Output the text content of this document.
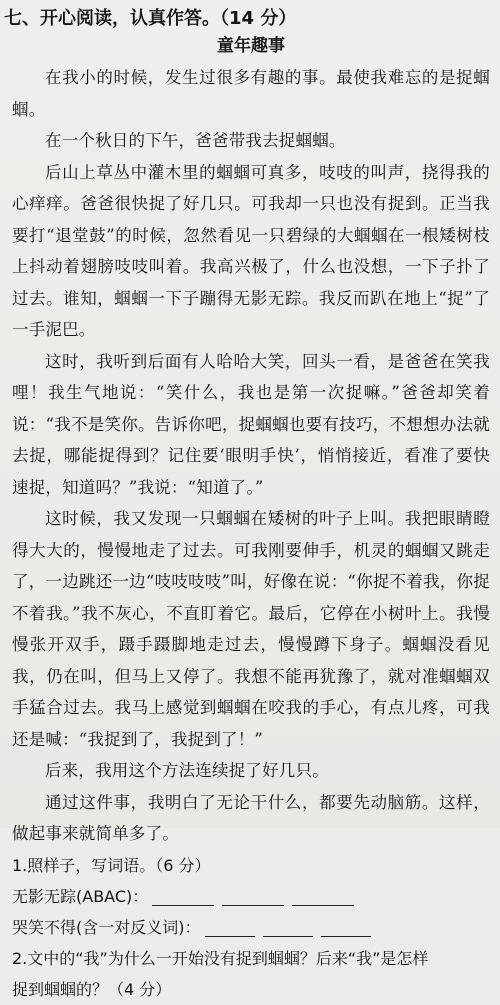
七、开心阅读，认真作答。（14 分）
童年趣事

在我小的时候，发生过很多有趣的事。最使我难忘的是捉蝈蝈。

在一个秋日的下午，爸爸带我去捉蝈蝈。

后山上草丛中灌木里的蝈蝈可真多，吱吱的叫声，挠得我的心痒痒。爸爸很快捉了好几只。可我却一只也没有捉到。正当我要打“退堂鼓”的时候，忽然看见一只碧绿的大蝈蝈在一根矮树枝上抖动着翅膀吱吱叫着。我高兴极了，什么也没想，一下子扑了过去。谁知，蝈蝈一下子蹦得无影无踪。我反而趴在地上“捉”了一手泥巴。

这时，我听到后面有人哈哈大笑，回头一看，是爸爸在笑我哩！我生气地说：“笑什么，我也是第一次捉嘛。”爸爸却笑着说：“我不是笑你。告诉你吧，捉蝈蝈也要有技巧，不想想办法就去捉，哪能捉得到？记住要‘眼明手快’，悄悄接近，看准了要快速捉，知道吗？”我说：“知道了。”

这时候，我又发现一只蝈蝈在矮树的叶子上叫。我把眼睛瞪得大大的，慢慢地走了过去。可我刚要伸手，机灵的蝈蝈又跳走了，一边跳还一边“吱吱吱吱”叫，好像在说：“你捉不着我，你捉不着我。”我不灰心，不直盯着它。最后，它停在小树叶上。我慢慢张开双手，蹑手蹑脚地走过去，慢慢蹲下身子。蝈蝈没看见我，仍在叫，但马上又停了。我想不能再犹豫了，就对准蝈蝈双手猛合过去。我马上感觉到蝈蝈在咬我的手心，有点儿疼，可我还是喊：“我捉到了，我捉到了！”

后来，我用这个方法连续捉了好几只。

通过这件事，我明白了无论干什么，都要先动脑筋。这样，做起事来就简单多了。

1.照样子，写词语。（6 分）

无影无踪(ABAC)：

哭笑不得(含一对反义词)：

2.文中的“我”为什么一开始没有捉到蝈蝈？后来“我”是怎样

捉到蝈蝈的？（4 分）
